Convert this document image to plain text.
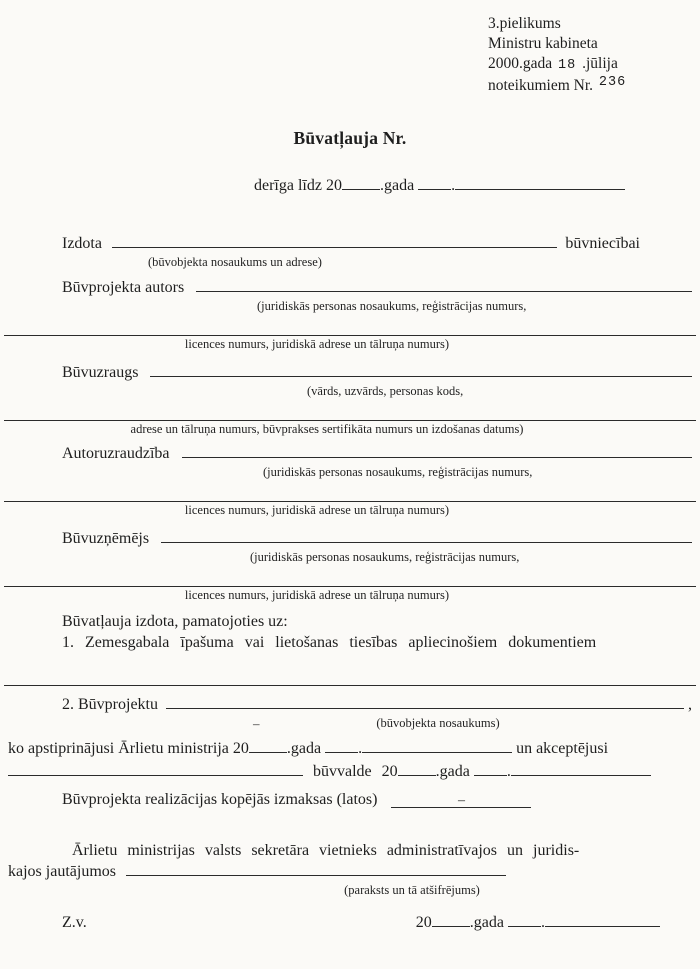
3.pielikums
Ministru kabineta
2000.gada 18 .jūlija
noteikumiem Nr. 236
Būvatļauja Nr.
derīga līdz 20 .gada .
Izdota	būvniecībai
(būvobjekta nosaukums un adrese)
Būvprojekta autors
(juridiskās personas nosaukums, reģistrācijas numurs,
licences numurs, juridiskā adrese un tālruņa numurs)
Būvuzraugs
(vārds, uzvārds, personas kods,
adrese un tālruņa numurs, būvprakses sertifikāta numurs un izdošanas datums)
Autoruzraudzība
(juridiskās personas nosaukums, reģistrācijas numurs,
licences numurs, juridiskā adrese un tālruņa numurs)
Būvuzņēmējs
(juridiskās personas nosaukums, reģistrācijas numurs,
licences numurs, juridiskā adrese un tālruņa numurs)
Būvatļauja izdota, pamatojoties uz:
1. Zemesgabala īpašuma vai lietošanas tiesības apliecinošiem dokumentiem
2. Būvprojektu	,
–	(būvobjekta nosaukums)
ko apstiprinājusi Ārlietu ministrija 20 .gada .	un akceptējusi
būvvalde 20 .gada .
Būvprojekta realizācijas kopējās izmaksas (latos)	–
Ārlietu ministrijas valsts sekretāra vietnieks administratīvajos un juridis-
kajos jautājumos
(paraksts un tā atšifrējums)
Z.v.	20 .gada .
